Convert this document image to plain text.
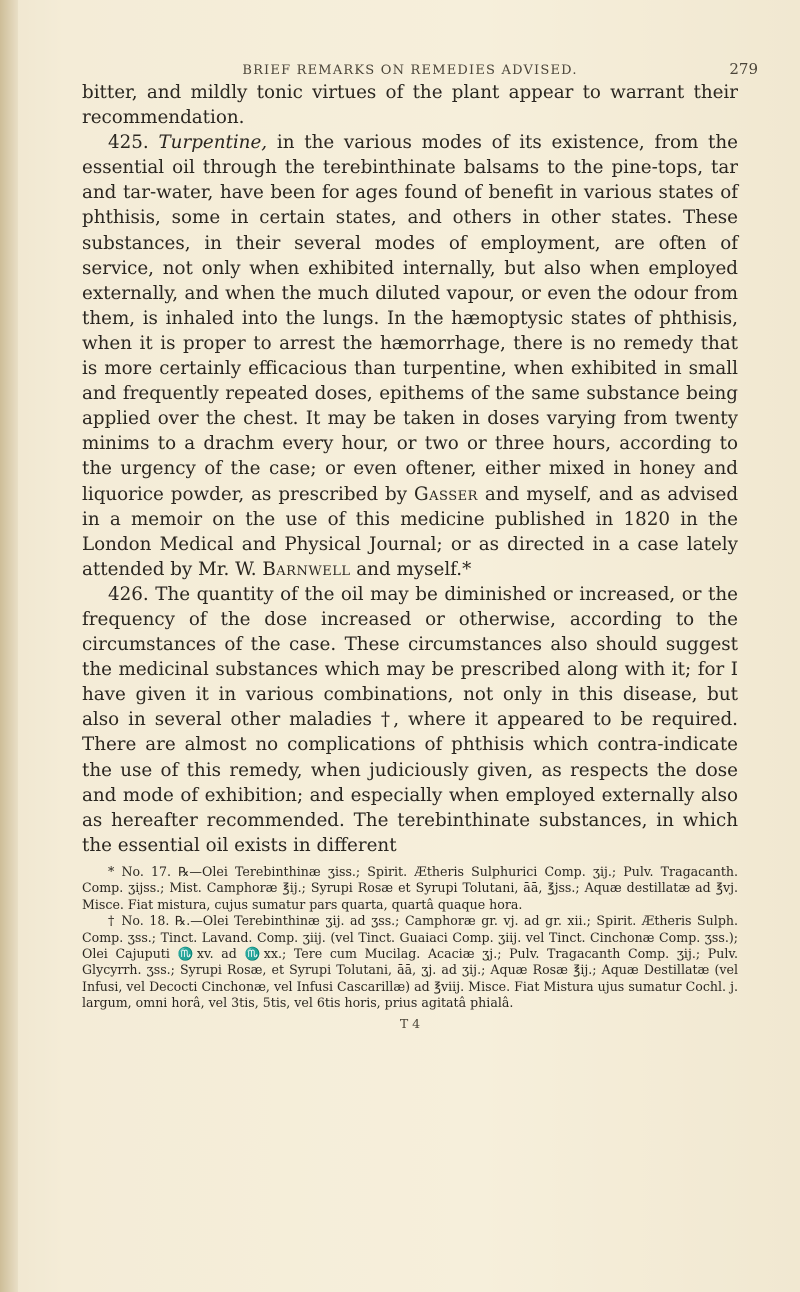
BRIEF REMARKS ON REMEDIES ADVISED.	279

bitter, and mildly tonic virtues of the plant appear to warrant their recommendation.

425. Turpentine, in the various modes of its existence, from the essential oil through the terebinthinate balsams to the pine-tops, tar and tar-water, have been for ages found of benefit in various states of phthisis, some in certain states, and others in other states. These substances, in their several modes of employment, are often of service, not only when exhibited internally, but also when employed externally, and when the much diluted vapour, or even the odour from them, is inhaled into the lungs. In the hæmoptysic states of phthisis, when it is proper to arrest the hæmorrhage, there is no remedy that is more certainly efficacious than turpentine, when exhibited in small and frequently repeated doses, epithems of the same substance being applied over the chest. It may be taken in doses varying from twenty minims to a drachm every hour, or two or three hours, according to the urgency of the case; or even oftener, either mixed in honey and liquorice powder, as prescribed by Gasser and myself, and as advised in a memoir on the use of this medicine published in 1820 in the London Medical and Physical Journal; or as directed in a case lately attended by Mr. W. Barnwell and myself.*

426. The quantity of the oil may be diminished or increased, or the frequency of the dose increased or otherwise, according to the circumstances of the case. These circumstances also should suggest the medicinal substances which may be prescribed along with it; for I have given it in various combinations, not only in this disease, but also in several other maladies †, where it appeared to be required. There are almost no complications of phthisis which contra-indicate the use of this remedy, when judiciously given, as respects the dose and mode of exhibition; and especially when employed externally also as hereafter recommended. The terebinthinate substances, in which the essential oil exists in different

* No. 17. ℞—Olei Terebinthinæ ʒiss.; Spirit. Ætheris Sulphurici Comp. ʒij.; Pulv. Tragacanth. Comp. ʒijss.; Mist. Camphoræ ℥ij.; Syrupi Rosæ et Syrupi Tolutani, āā, ℥jss.; Aquæ destillatæ ad ℥vj. Misce. Fiat mistura, cujus sumatur pars quarta, quartâ quaque hora.

† No. 18. ℞.—Olei Terebinthinæ ʒij. ad ʒss.; Camphoræ gr. vj. ad gr. xii.; Spirit. Ætheris Sulph. Comp. ʒss.; Tinct. Lavand. Comp. ʒiij. (vel Tinct. Guaiaci Comp. ʒiij. vel Tinct. Cinchonæ Comp. ʒss.); Olei Cajuputi ♏xv. ad ♏xx.; Tere cum Mucilag. Acaciæ ʒj.; Pulv. Tragacanth Comp. ʒij.; Pulv. Glycyrrh. ʒss.; Syrupi Rosæ, et Syrupi Tolutani, āā, ʒj. ad ʒij.; Aquæ Rosæ ℥ij.; Aquæ Destillatæ (vel Infusi, vel Decocti Cinchonæ, vel Infusi Cascarillæ) ad ℥viij. Misce. Fiat Mistura ujus sumatur Cochl. j. largum, omni horâ, vel 3tis, 5tis, vel 6tis horis, prius agitatâ phialâ.

T 4
